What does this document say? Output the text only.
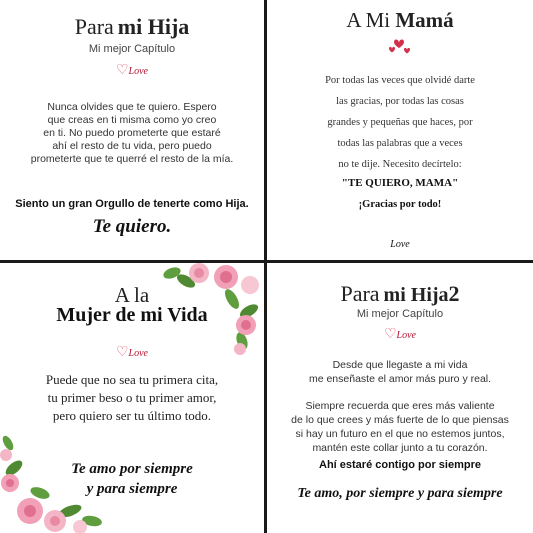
Para mi Hija
Mi mejor Capítulo
♡Love
Nunca olvides que te quiero. Espero
que creas en ti misma como yo creo
en ti. No puedo prometerte que estaré
ahí el resto de tu vida, pero puedo
prometerte que te querré el resto de la mía.
Siento un gran Orgullo de tenerte como Hija.
Te quiero.
A Mi Mamá
Por todas las veces que olvidé darte
las gracias, por todas las cosas
grandes y pequeñas que haces, por
todas las palabras que a veces
no te dije. Necesito decírtelo:
"TE QUIERO, MAMA"
¡Gracias por todo!
Love
A la
Mujer de mi Vida
♡Love
Puede que no sea tu primera cita,
tu primer beso o tu primer amor,
pero quiero ser tu último todo.
Te amo por siempre
y para siempre
Para mi Hija2
Mi mejor Capítulo
♡Love
Desde que llegaste a mi vida
me enseñaste el amor más puro y real.
Siempre recuerda que eres más valiente
de lo que crees y más fuerte de lo que piensas
si hay un futuro en el que no estemos juntos,
mantén este collar junto a tu corazón.
Ahí estaré contigo por siempre
Te amo, por siempre y para siempre
